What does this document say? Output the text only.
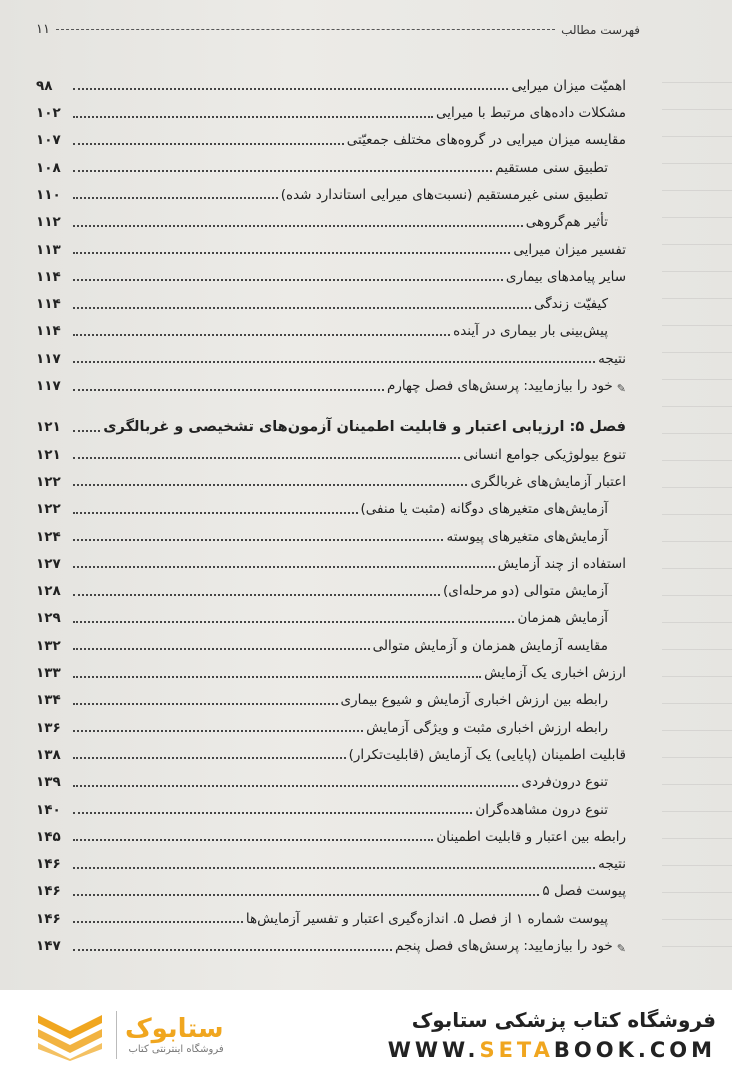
فهرست مطالب
۱۱
اهمیّت میزان میرایی
۹۸
مشکلات داده‌های مرتبط با میرایی
۱۰۲
مقایسه میزان میرایی در گروه‌های مختلف جمعیّتی
۱۰۷
تطبیق سنی مستقیم
۱۰۸
تطبیق سنی غیرمستقیم (نسبت‌های میرایی استاندارد شده)
۱۱۰
تأثیر هم‌گروهی
۱۱۲
تفسیر میزان میرایی
۱۱۳
سایر پیامدهای بیماری
۱۱۴
کیفیّت زندگی
۱۱۴
پیش‌بینی بار بیماری در آینده
۱۱۴
نتیجه
۱۱۷
✎
خود را بیازمایید: پرسش‌های فصل چهارم
۱۱۷
فصل ۵: ارزیابی اعتبار و قابلیت اطمینان آزمون‌های تشخیصی و غربالگری
۱۲۱
تنوع بیولوژیکی جوامع انسانی
۱۲۱
اعتبار آزمایش‌های غربالگری
۱۲۲
آزمایش‌های متغیرهای دوگانه (مثبت یا منفی)
۱۲۲
آزمایش‌های متغیرهای پیوسته
۱۲۴
استفاده از چند آزمایش
۱۲۷
آزمایش متوالی (دو مرحله‌ای)
۱۲۸
آزمایش همزمان
۱۲۹
مقایسه آزمایش همزمان و آزمایش متوالی
۱۳۲
ارزش اخباری یک آزمایش
۱۳۳
رابطه بین ارزش اخباری آزمایش و شیوع بیماری
۱۳۴
رابطه ارزش اخباری مثبت و ویژگی آزمایش
۱۳۶
قابلیت اطمینان (پایایی) یک آزمایش (قابلیت‌تکرار)
۱۳۸
تنوع درون‌فردی
۱۳۹
تنوع درون مشاهده‌گران
۱۴۰
رابطه بین اعتبار و قابلیت اطمینان
۱۴۵
نتیجه
۱۴۶
پیوست فصل ۵
۱۴۶
پیوست شماره ۱ از فصل ۵. اندازه‌گیری اعتبار و تفسیر آزمایش‌ها
۱۴۶
✎
خود را بیازمایید: پرسش‌های فصل پنجم
۱۴۷
ستابوک
فروشگاه اینترنتی کتاب
فروشگاه کتاب پزشکی ستابوک
WWW.SETABOOK.COM
